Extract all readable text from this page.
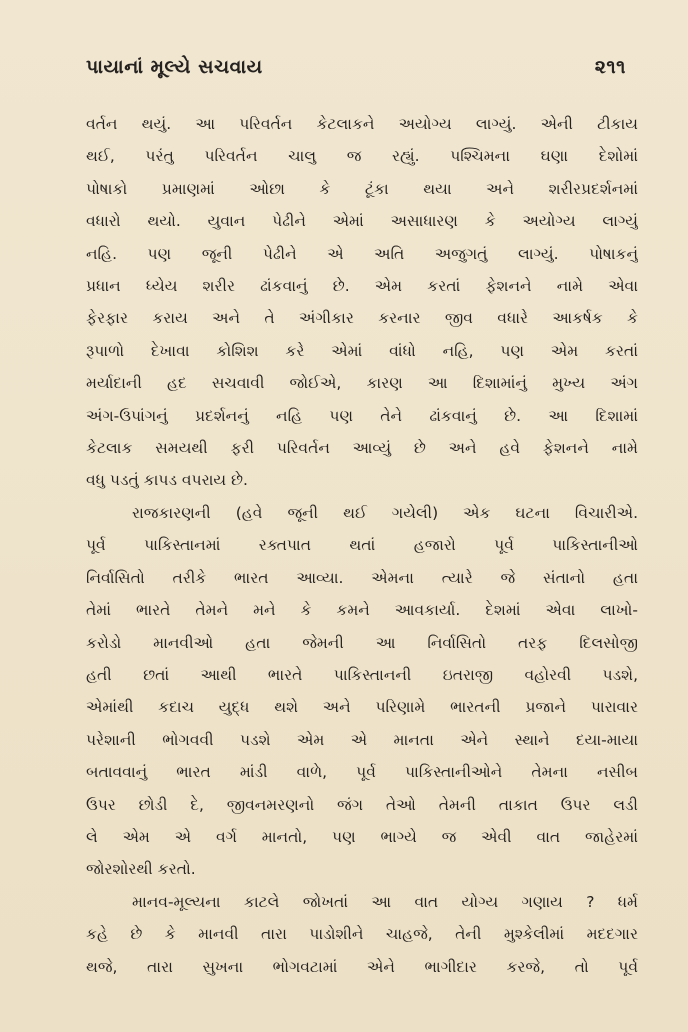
પાયાનાં મૂલ્યે સચવાય	૨૧૧

વર્તન થયું. આ પરિવર્તન કેટલાકને અયોગ્ય લાગ્યું. એની ટીકાય
થઈ, પરંતુ પરિવર્તન ચાલુ જ રહ્યું. પશ્ચિમના ઘણા દેશોમાં
પોષાકો પ્રમાણમાં ઓછા કે ટૂંકા થયા અને શરીરપ્રદર્શનમાં
વધારો થયો. યુવાન પેઢીને એમાં અસાધારણ કે અયોગ્ય લાગ્યું
નહિ. પણ જૂની પેઢીને એ અતિ અજુગતું લાગ્યું. પોષાકનું
પ્રધાન ધ્યેય શરીર ઢાંકવાનું છે. એમ કરતાં ફેશનને નામે એવા
ફેરફાર કરાય અને તે અંગીકાર કરનાર જીવ વધારે આકર્ષક કે
રૂપાળો દેખાવા કોશિશ કરે એમાં વાંધો નહિ, પણ એમ કરતાં
મર્યાદાની હદ સચવાવી જોઈએ, કારણ આ દિશામાંનું મુખ્ય અંગ
અંગ-ઉપાંગનું પ્રદર્શનનું નહિ પણ તેને ઢાંકવાનું છે. આ દિશામાં
કેટલાક સમયથી ફરી પરિવર્તન આવ્યું છે અને હવે ફેશનને નામે
વધુ પડતું કાપડ વપરાય છે.

રાજકારણની (હવે જૂની થઈ ગયેલી) એક ઘટના વિચારીએ.
પૂર્વ પાકિસ્તાનમાં રક્તપાત થતાં હજારો પૂર્વ પાકિસ્તાનીઓ
નિર્વાસિતો તરીકે ભારત આવ્યા. એમના ત્યારે જે સંતાનો હતા
તેમાં ભારતે તેમને મને કે કમને આવકાર્યા. દેશમાં એવા લાખો-
કરોડો માનવીઓ હતા જેમની આ નિર્વાસિતો તરફ દિલસોજી
હતી છતાં આથી ભારતે પાકિસ્તાનની ઇતરાજી વહોરવી પડશે,
એમાંથી કદાચ યુદ્ધ થશે અને પરિણામે ભારતની પ્રજાને પારાવાર
પરેશાની ભોગવવી પડશે એમ એ માનતા એને સ્થાને દયા-માયા
બતાવવાનું ભારત માંડી વાળે, પૂર્વ પાકિસ્તાનીઓને તેમના નસીબ
ઉપર છોડી દે, જીવનમરણનો જંગ તેઓ તેમની તાકાત ઉપર લડી
લે એમ એ વર્ગ માનતો, પણ ભાગ્યે જ એવી વાત જાહેરમાં
જોરશોરથી કરતો.

માનવ-મૂલ્યના કાટલે જોખતાં આ વાત યોગ્ય ગણાય ? ધર્મ
કહે છે કે માનવી તારા પાડોશીને ચાહજે, તેની મુશ્કેલીમાં મદદગાર
થજે, તારા સુખના ભોગવટામાં એને ભાગીદાર કરજે, તો પૂર્વ
